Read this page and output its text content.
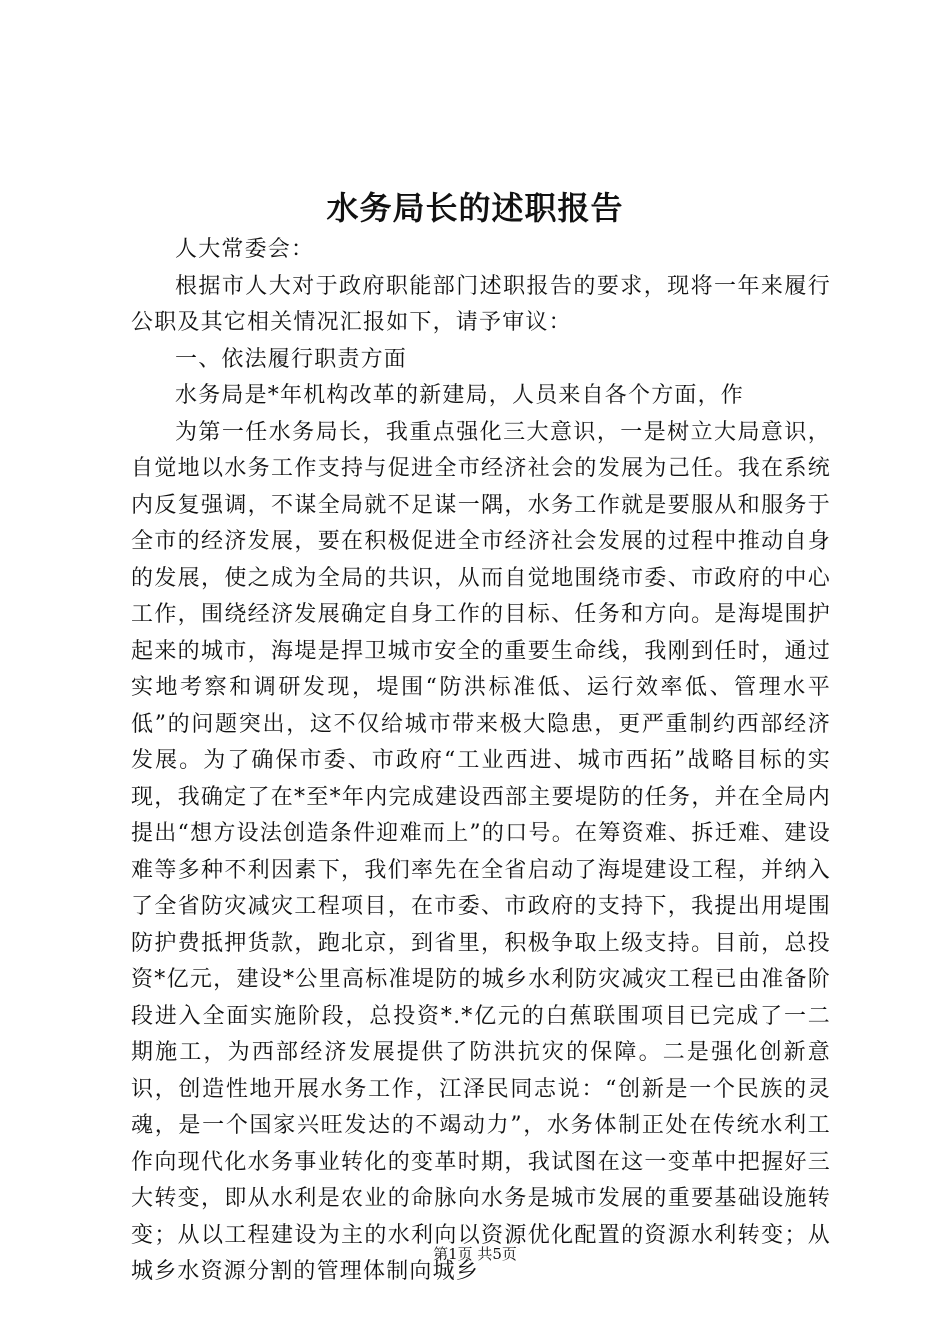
水务局长的述职报告

人大常委会：

根据市人大对于政府职能部门述职报告的要求，现将一年来履行公职及其它相关情况汇报如下，请予审议：

一、依法履行职责方面

水务局是*年机构改革的新建局，人员来自各个方面，作

为第一任水务局长，我重点强化三大意识，一是树立大局意识，自觉地以水务工作支持与促进全市经济社会的发展为己任。我在系统内反复强调，不谋全局就不足谋一隅，水务工作就是要服从和服务于全市的经济发展，要在积极促进全市经济社会发展的过程中推动自身的发展，使之成为全局的共识，从而自觉地围绕市委、市政府的中心工作，围绕经济发展确定自身工作的目标、任务和方向。是海堤围护起来的城市，海堤是捍卫城市安全的重要生命线，我刚到任时，通过实地考察和调研发现，堤围“防洪标准低、运行效率低、管理水平低”的问题突出，这不仅给城市带来极大隐患，更严重制约西部经济发展。为了确保市委、市政府“工业西进、城市西拓”战略目标的实现，我确定了在*至*年内完成建设西部主要堤防的任务，并在全局内提出“想方设法创造条件迎难而上”的口号。在筹资难、拆迁难、建设难等多种不利因素下，我们率先在全省启动了海堤建设工程，并纳入了全省防灾减灾工程项目，在市委、市政府的支持下，我提出用堤围防护费抵押货款，跑北京，到省里，积极争取上级支持。目前，总投资*亿元，建设*公里高标准堤防的城乡水利防灾减灾工程已由准备阶段进入全面实施阶段，总投资*.*亿元的白蕉联围项目已完成了一二期施工，为西部经济发展提供了防洪抗灾的保障。二是强化创新意识，创造性地开展水务工作，江泽民同志说：“创新是一个民族的灵魂，是一个国家兴旺发达的不竭动力”，水务体制正处在传统水利工作向现代化水务事业转化的变革时期，我试图在这一变革中把握好三大转变，即从水利是农业的命脉向水务是城市发展的重要基础设施转变；从以工程建设为主的水利向以资源优化配置的资源水利转变；从城乡水资源分割的管理体制向城乡

第1页 共5页
